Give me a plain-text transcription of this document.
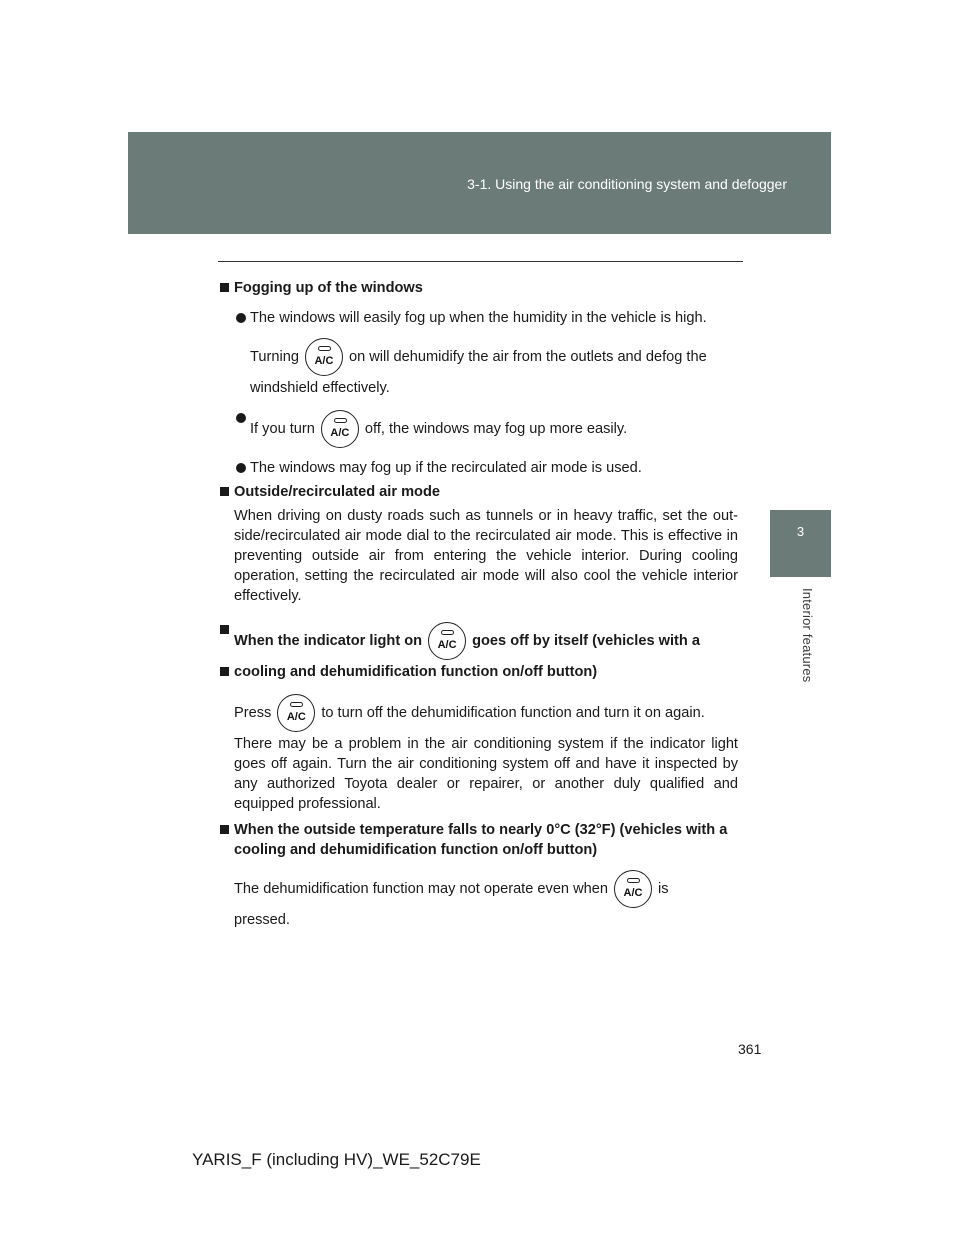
3-1. Using the air conditioning system and defogger
3
Interior features

Fogging up of the windows

The windows will easily fog up when the humidity in the vehicle is high.

Turning A/C on will dehumidify the air from the outlets and defog the

windshield effectively.

If you turn A/C off, the windows may fog up more easily.

The windows may fog up if the recirculated air mode is used.

Outside/recirculated air mode

When driving on dusty roads such as tunnels or in heavy traffic, set the out-side/recirculated air mode dial to the recirculated air mode. This is effective in preventing outside air from entering the vehicle interior. During cooling operation, setting the recirculated air mode will also cool the vehicle interior effectively.

When the indicator light on A/C goes off by itself (vehicles with a

cooling and dehumidification function on/off button)

Press A/C to turn off the dehumidification function and turn it on again.

There may be a problem in the air conditioning system if the indicator light goes off again. Turn the air conditioning system off and have it inspected by any authorized Toyota dealer or repairer, or another duly qualified and equipped professional.

When the outside temperature falls to nearly 0°C (32°F) (vehicles with a cooling and dehumidification function on/off button)

The dehumidification function may not operate even when A/C is

pressed.

361
YARIS_F (including HV)_WE_52C79E
